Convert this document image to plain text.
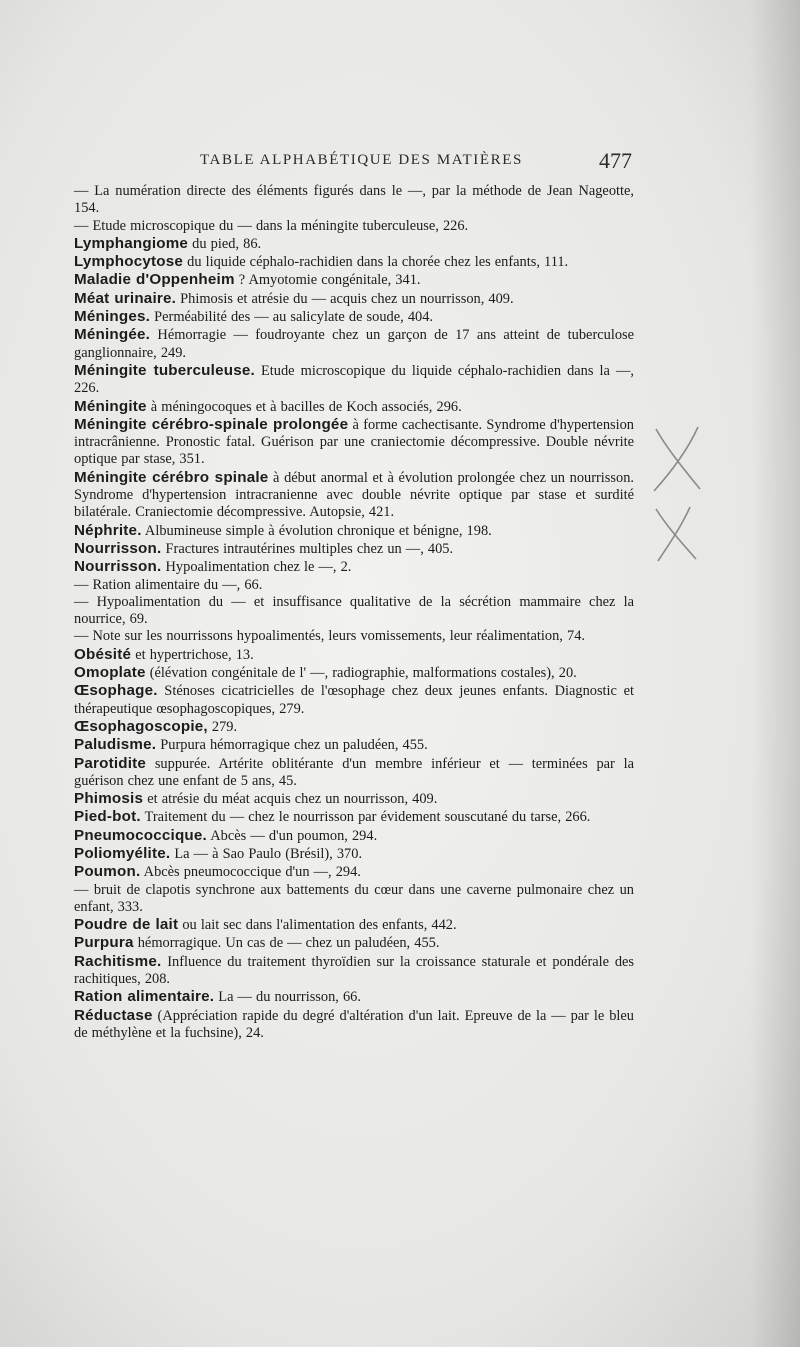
TABLE ALPHABÉTIQUE DES MATIÈRES	477

— La numération directe des éléments figurés dans le —, par la méthode de Jean Nageotte, 154.

— Etude microscopique du — dans la méningite tuberculeuse, 226.

Lymphangiome du pied, 86.

Lymphocytose du liquide céphalo-rachidien dans la chorée chez les enfants, 111.

Maladie d'Oppenheim ? Amyotomie congénitale, 341.

Méat urinaire. Phimosis et atrésie du — acquis chez un nourrisson, 409.

Méninges. Perméabilité des — au salicylate de soude, 404.

Méningée. Hémorragie — foudroyante chez un garçon de 17 ans atteint de tuberculose ganglionnaire, 249.

Méningite tuberculeuse. Etude microscopique du liquide céphalo-rachidien dans la —, 226.

Méningite à méningocoques et à bacilles de Koch associés, 296.

Méningite cérébro-spinale prolongée à forme cachectisante. Syndrome d'hypertension intracrânienne. Pronostic fatal. Guérison par une craniectomie décompressive. Double névrite optique par stase, 351.

Méningite cérébro spinale à début anormal et à évolution prolongée chez un nourrisson. Syndrome d'hypertension intracranienne avec double névrite optique par stase et surdité bilatérale. Craniectomie décompressive. Autopsie, 421.

Néphrite. Albumineuse simple à évolution chronique et bénigne, 198.

Nourrisson. Fractures intrautérines multiples chez un —, 405.

Nourrisson. Hypoalimentation chez le —, 2.

— Ration alimentaire du —, 66.

— Hypoalimentation du — et insuffisance qualitative de la sécrétion mammaire chez la nourrice, 69.

— Note sur les nourrissons hypoalimentés, leurs vomissements, leur réalimentation, 74.

Obésité et hypertrichose, 13.

Omoplate (élévation congénitale de l' —, radiographie, malformations costales), 20.

Œsophage. Sténoses cicatricielles de l'œsophage chez deux jeunes enfants. Diagnostic et thérapeutique œsophagoscopiques, 279.

Œsophagoscopie, 279.

Paludisme. Purpura hémorragique chez un paludéen, 455.

Parotidite suppurée. Artérite oblitérante d'un membre inférieur et — terminées par la guérison chez une enfant de 5 ans, 45.

Phimosis et atrésie du méat acquis chez un nourrisson, 409.

Pied-bot. Traitement du — chez le nourrisson par évidement souscutané du tarse, 266.

Pneumococcique. Abcès — d'un poumon, 294.

Poliomyélite. La — à Sao Paulo (Brésil), 370.

Poumon. Abcès pneumococcique d'un —, 294.

— bruit de clapotis synchrone aux battements du cœur dans une caverne pulmonaire chez un enfant, 333.

Poudre de lait ou lait sec dans l'alimentation des enfants, 442.

Purpura hémorragique. Un cas de — chez un paludéen, 455.

Rachitisme. Influence du traitement thyroïdien sur la croissance staturale et pondérale des rachitiques, 208.

Ration alimentaire. La — du nourrisson, 66.

Réductase (Appréciation rapide du degré d'altération d'un lait. Epreuve de la — par le bleu de méthylène et la fuchsine), 24.
